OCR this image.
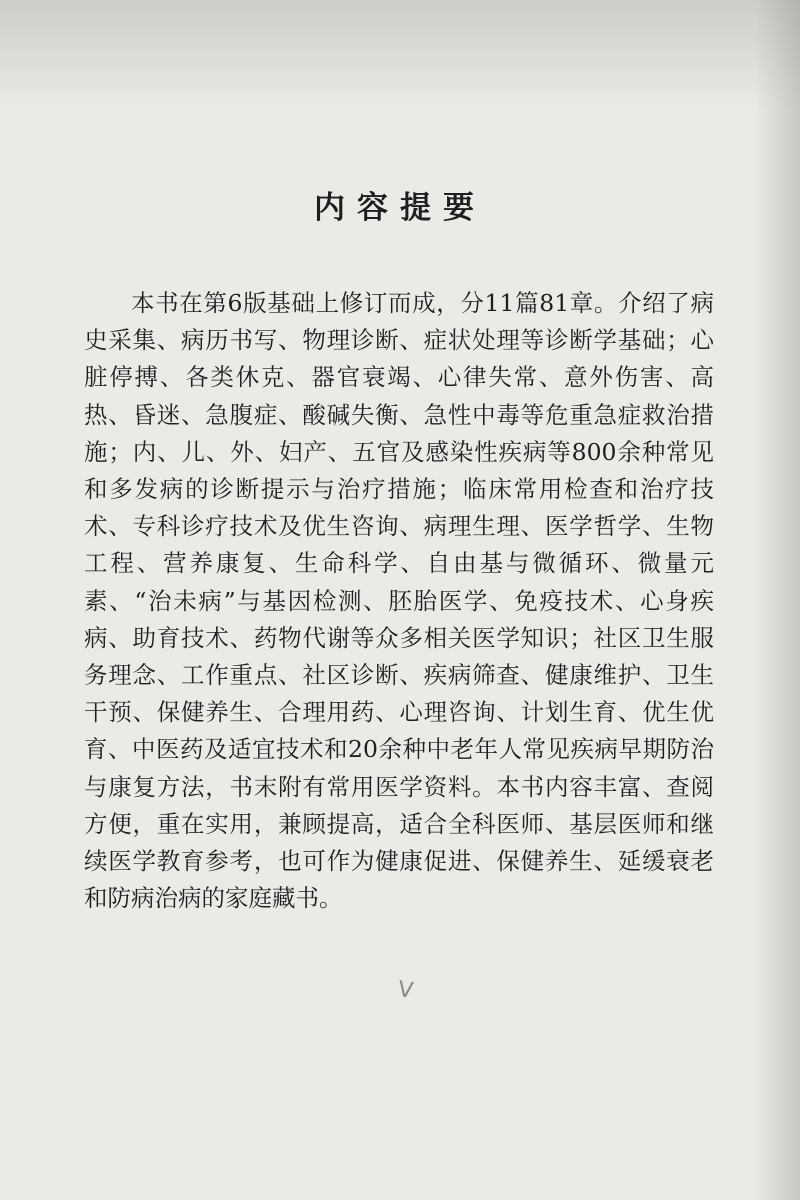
内容提要

本书在第6版基础上修订而成，分11篇81章。介绍了病史采集、病历书写、物理诊断、症状处理等诊断学基础；心脏停搏、各类休克、器官衰竭、心律失常、意外伤害、高热、昏迷、急腹症、酸碱失衡、急性中毒等危重急症救治措施；内、儿、外、妇产、五官及感染性疾病等800余种常见和多发病的诊断提示与治疗措施；临床常用检查和治疗技术、专科诊疗技术及优生咨询、病理生理、医学哲学、生物工程、营养康复、生命科学、自由基与微循环、微量元素、“治未病”与基因检测、胚胎医学、免疫技术、心身疾病、助育技术、药物代谢等众多相关医学知识；社区卫生服务理念、工作重点、社区诊断、疾病筛查、健康维护、卫生干预、保健养生、合理用药、心理咨询、计划生育、优生优育、中医药及适宜技术和20余种中老年人常见疾病早期防治与康复方法，书末附有常用医学资料。本书内容丰富、查阅方便，重在实用，兼顾提高，适合全科医师、基层医师和继续医学教育参考，也可作为健康促进、保健养生、延缓衰老和防病治病的家庭藏书。

ᐯ
